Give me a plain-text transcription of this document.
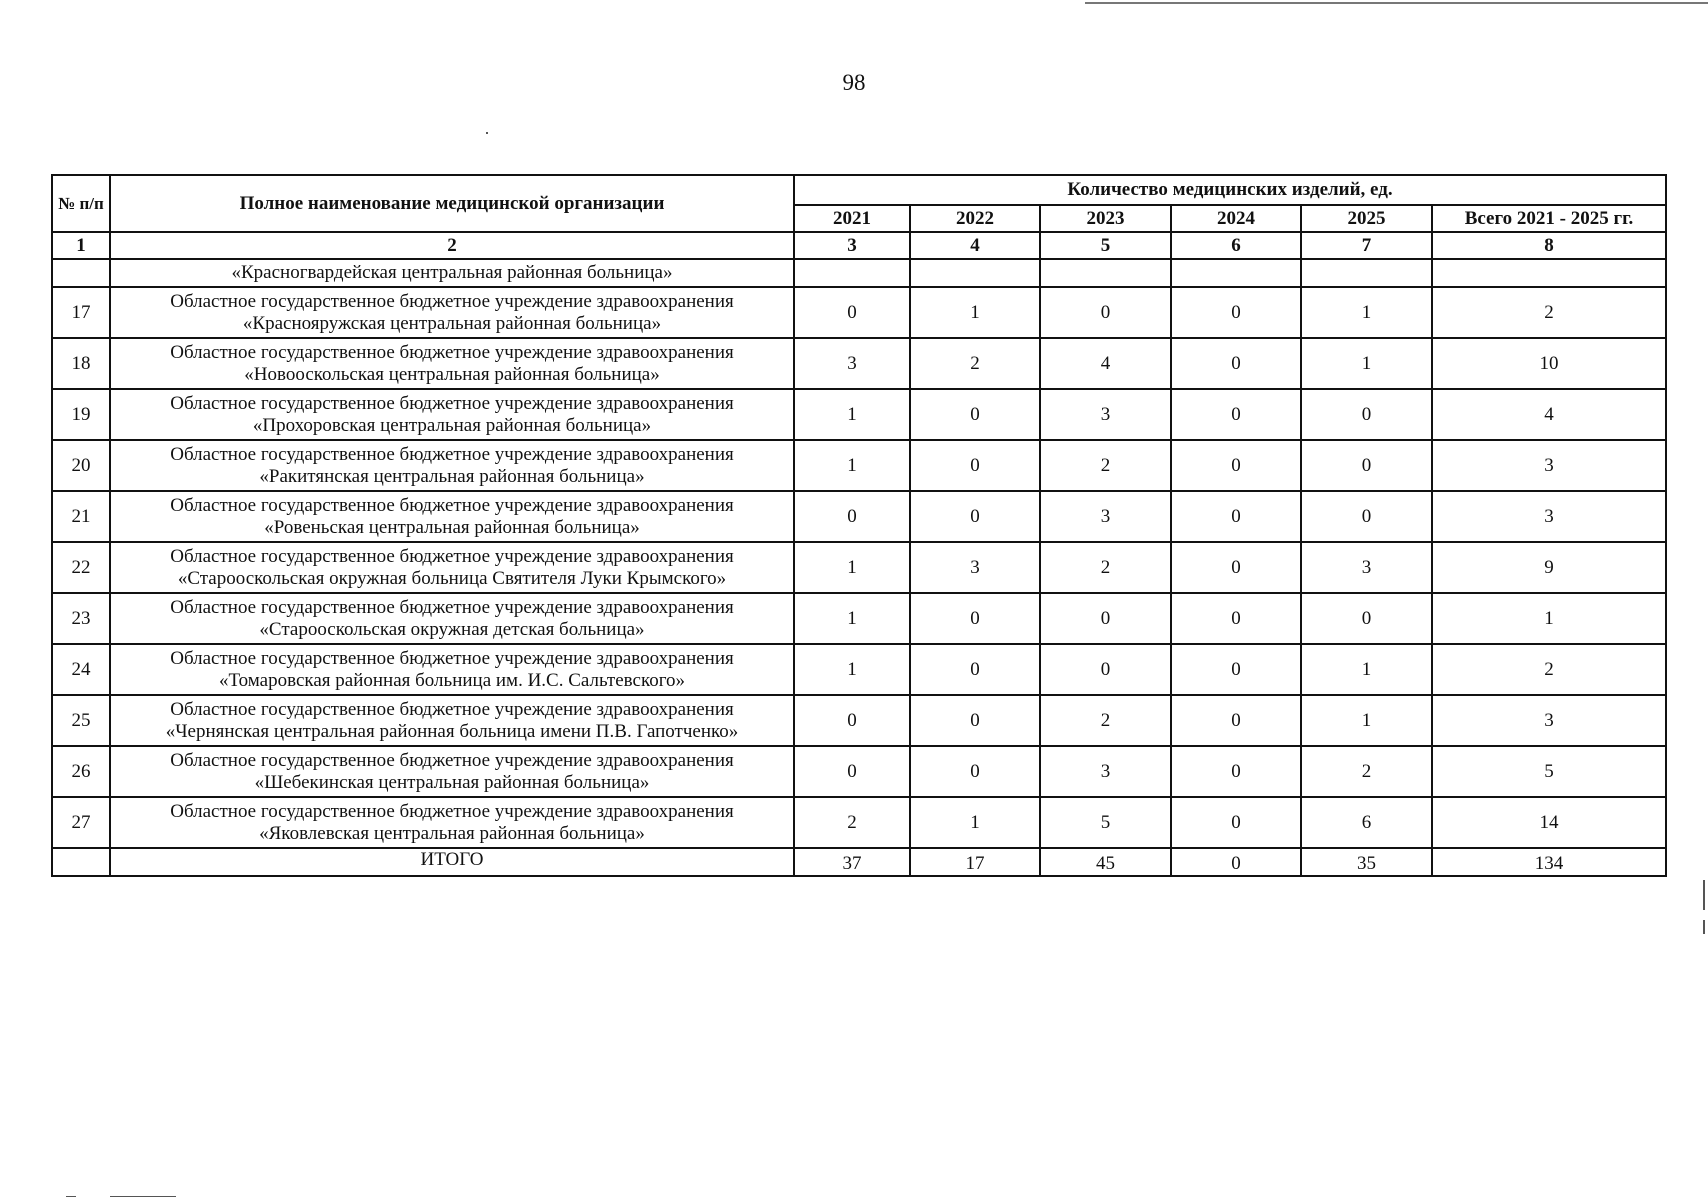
98
№ п/п	Полное наименование медицинской организации	Количество медицинских изделий, ед.					
		2021	2022	2023	2024	2025	Всего 2021 - 2025 гг.
1	2	3	4	5	6	7	8
	«Красногвардейская центральная районная больница»						
17	Областное государственное бюджетное учреждение здравоохранения
«Краснояружская центральная районная больница»	0	1	0	0	1	2
18	Областное государственное бюджетное учреждение здравоохранения
«Новооскольская центральная районная больница»	3	2	4	0	1	10
19	Областное государственное бюджетное учреждение здравоохранения
«Прохоровская центральная районная больница»	1	0	3	0	0	4
20	Областное государственное бюджетное учреждение здравоохранения
«Ракитянская центральная районная больница»	1	0	2	0	0	3
21	Областное государственное бюджетное учреждение здравоохранения
«Ровеньская центральная районная больница»	0	0	3	0	0	3
22	Областное государственное бюджетное учреждение здравоохранения
«Старооскольская окружная больница Святителя Луки Крымского»	1	3	2	0	3	9
23	Областное государственное бюджетное учреждение здравоохранения
«Старооскольская окружная детская больница»	1	0	0	0	0	1
24	Областное государственное бюджетное учреждение здравоохранения
«Томаровская районная больница им. И.С. Сальтевского»	1	0	0	0	1	2
25	Областное государственное бюджетное учреждение здравоохранения
«Чернянская центральная районная больница имени П.В. Гапотченко»	0	0	2	0	1	3
26	Областное государственное бюджетное учреждение здравоохранения
«Шебекинская центральная районная больница»	0	0	3	0	2	5
27	Областное государственное бюджетное учреждение здравоохранения
«Яковлевская центральная районная больница»	2	1	5	0	6	14
	ИТОГО	37	17	45	0	35	134
